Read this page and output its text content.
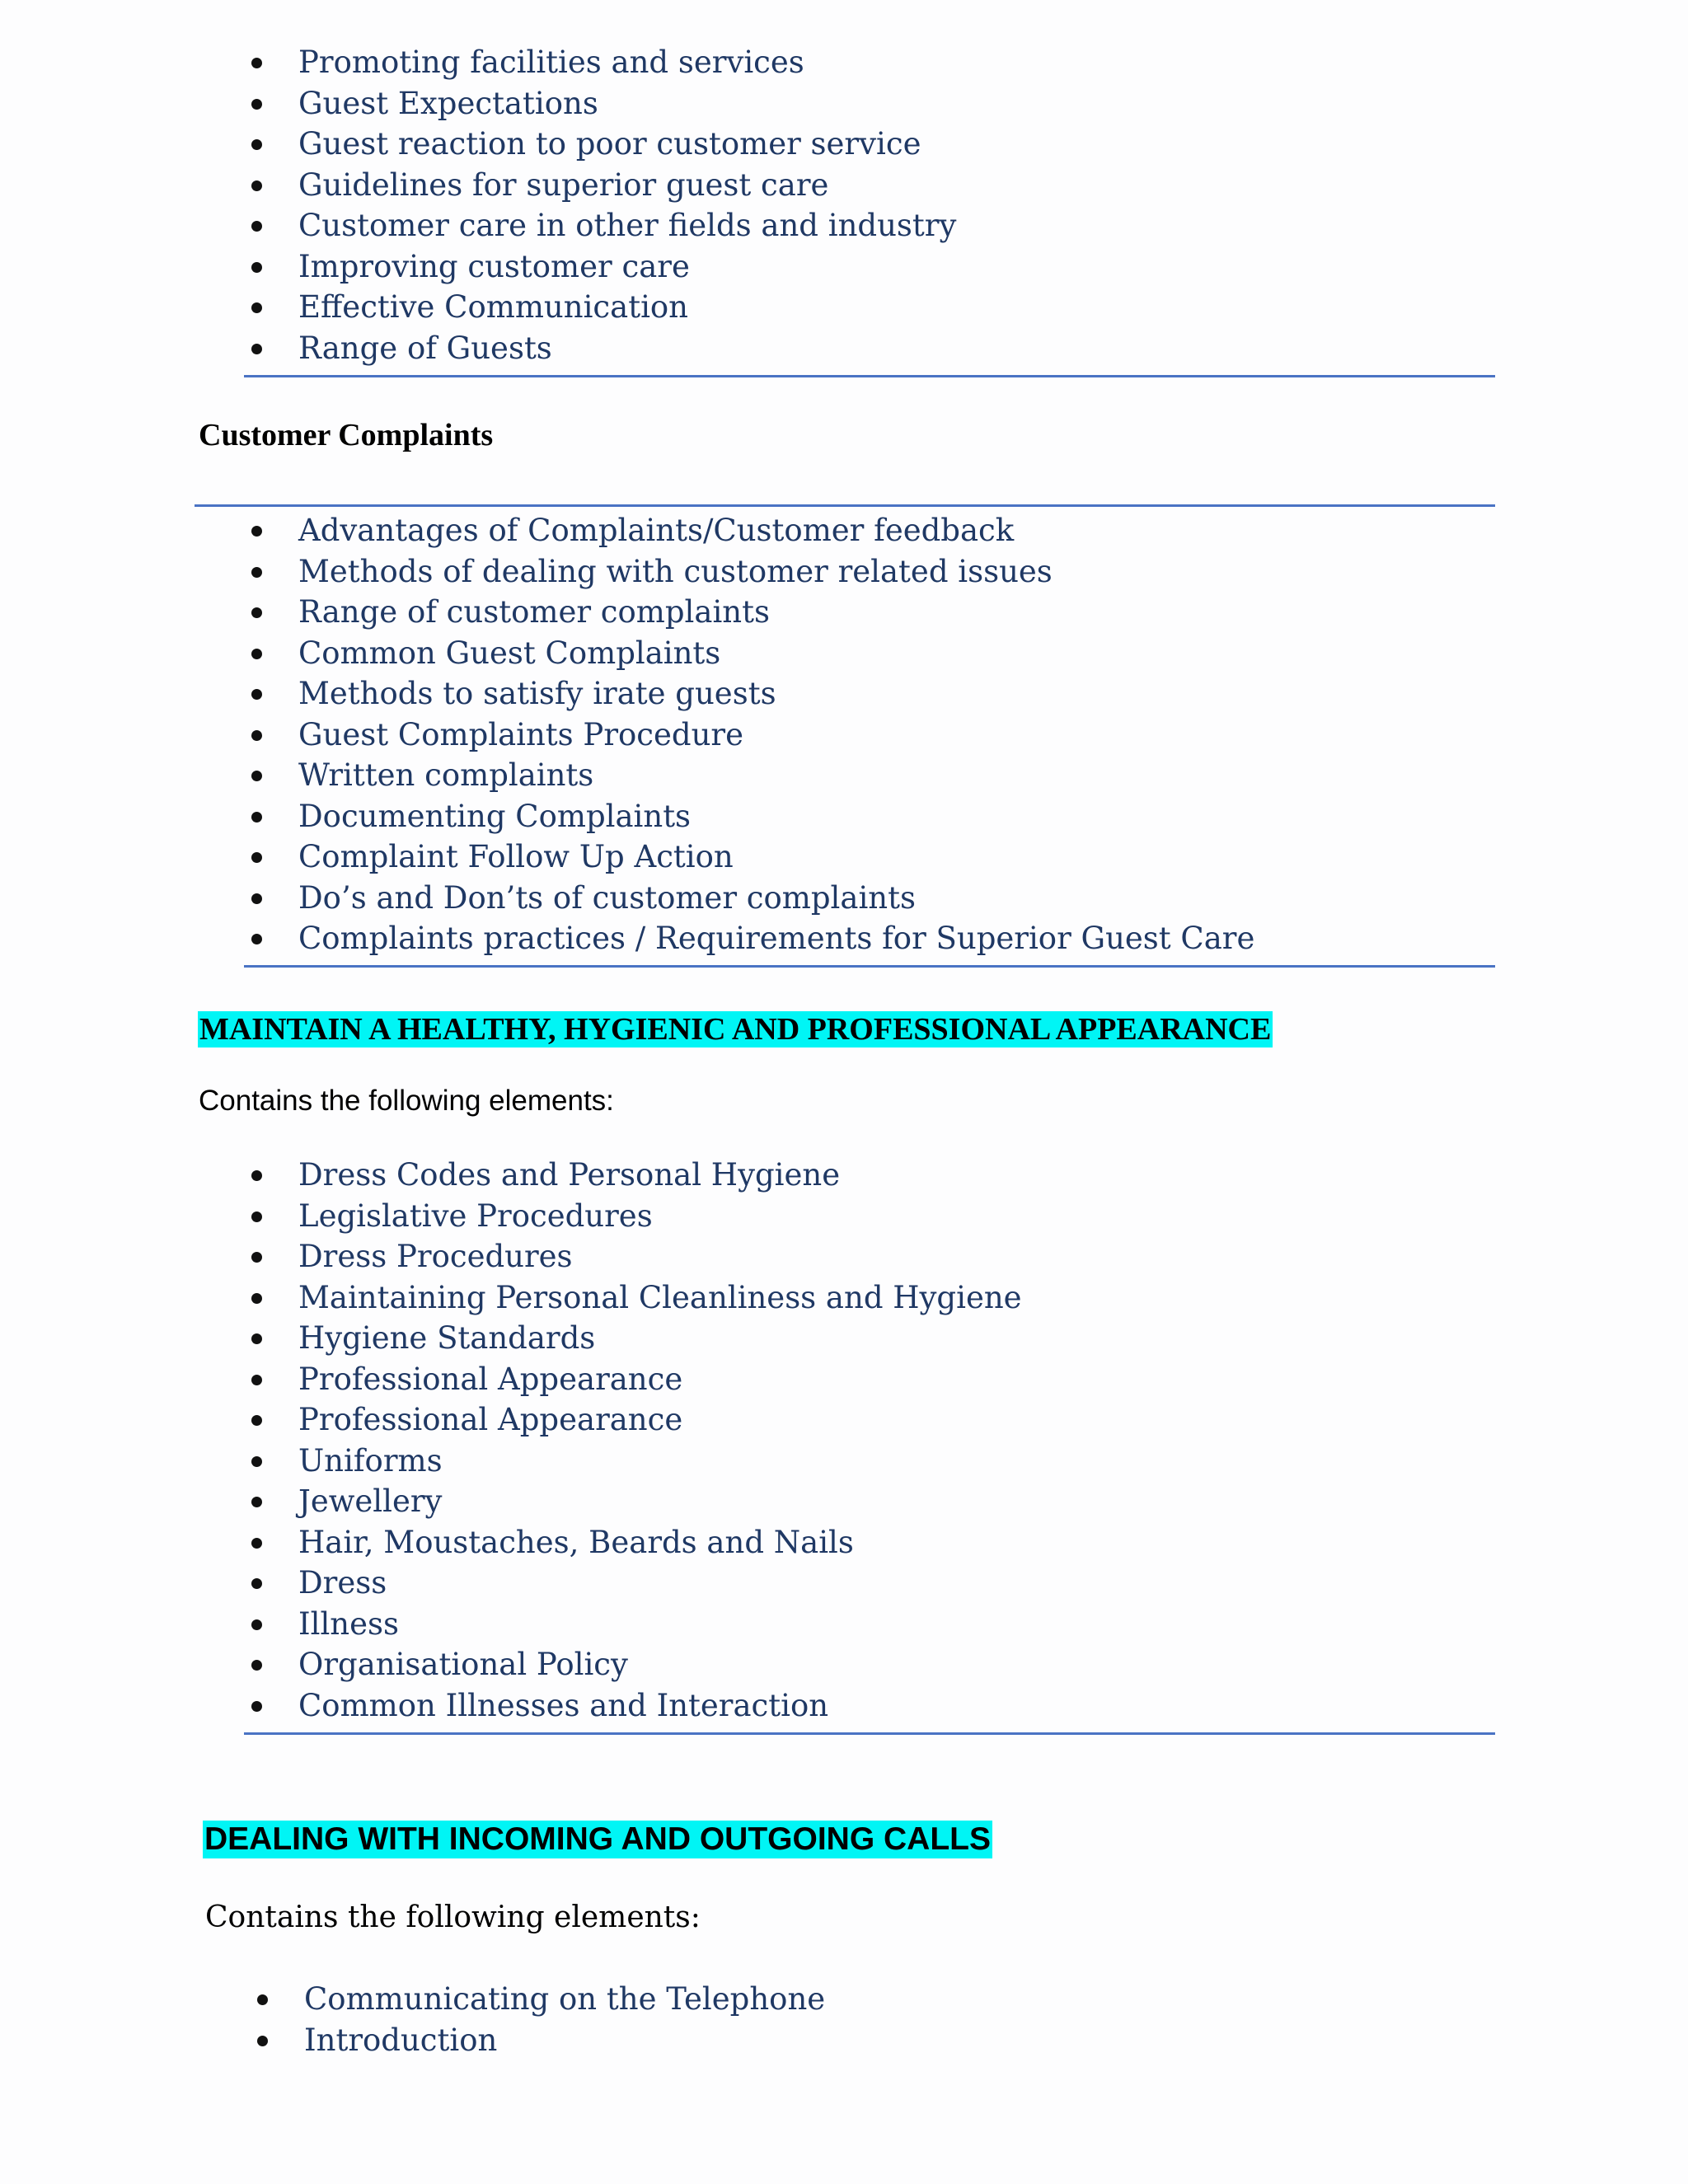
Promoting facilities and services
Guest Expectations
Guest reaction to poor customer service
Guidelines for superior guest care
Customer care in other fields and industry
Improving customer care
Effective Communication
Range of Guests
Customer Complaints
Advantages of Complaints/Customer feedback
Methods of dealing with customer related issues
Range of customer complaints
Common Guest Complaints
Methods to satisfy irate guests
Guest Complaints Procedure
Written complaints
Documenting Complaints
Complaint Follow Up Action
Do’s and Don’ts of customer complaints
Complaints practices / Requirements for Superior Guest Care
MAINTAIN A HEALTHY, HYGIENIC AND PROFESSIONAL APPEARANCE
Contains the following elements:
Dress Codes and Personal Hygiene
Legislative Procedures
Dress Procedures
Maintaining Personal Cleanliness and Hygiene
Hygiene Standards
Professional Appearance
Professional Appearance
Uniforms
Jewellery
Hair, Moustaches, Beards and Nails
Dress
Illness
Organisational Policy
Common Illnesses and Interaction
DEALING WITH INCOMING AND OUTGOING CALLS
Contains the following elements:
Communicating on the Telephone
Introduction
